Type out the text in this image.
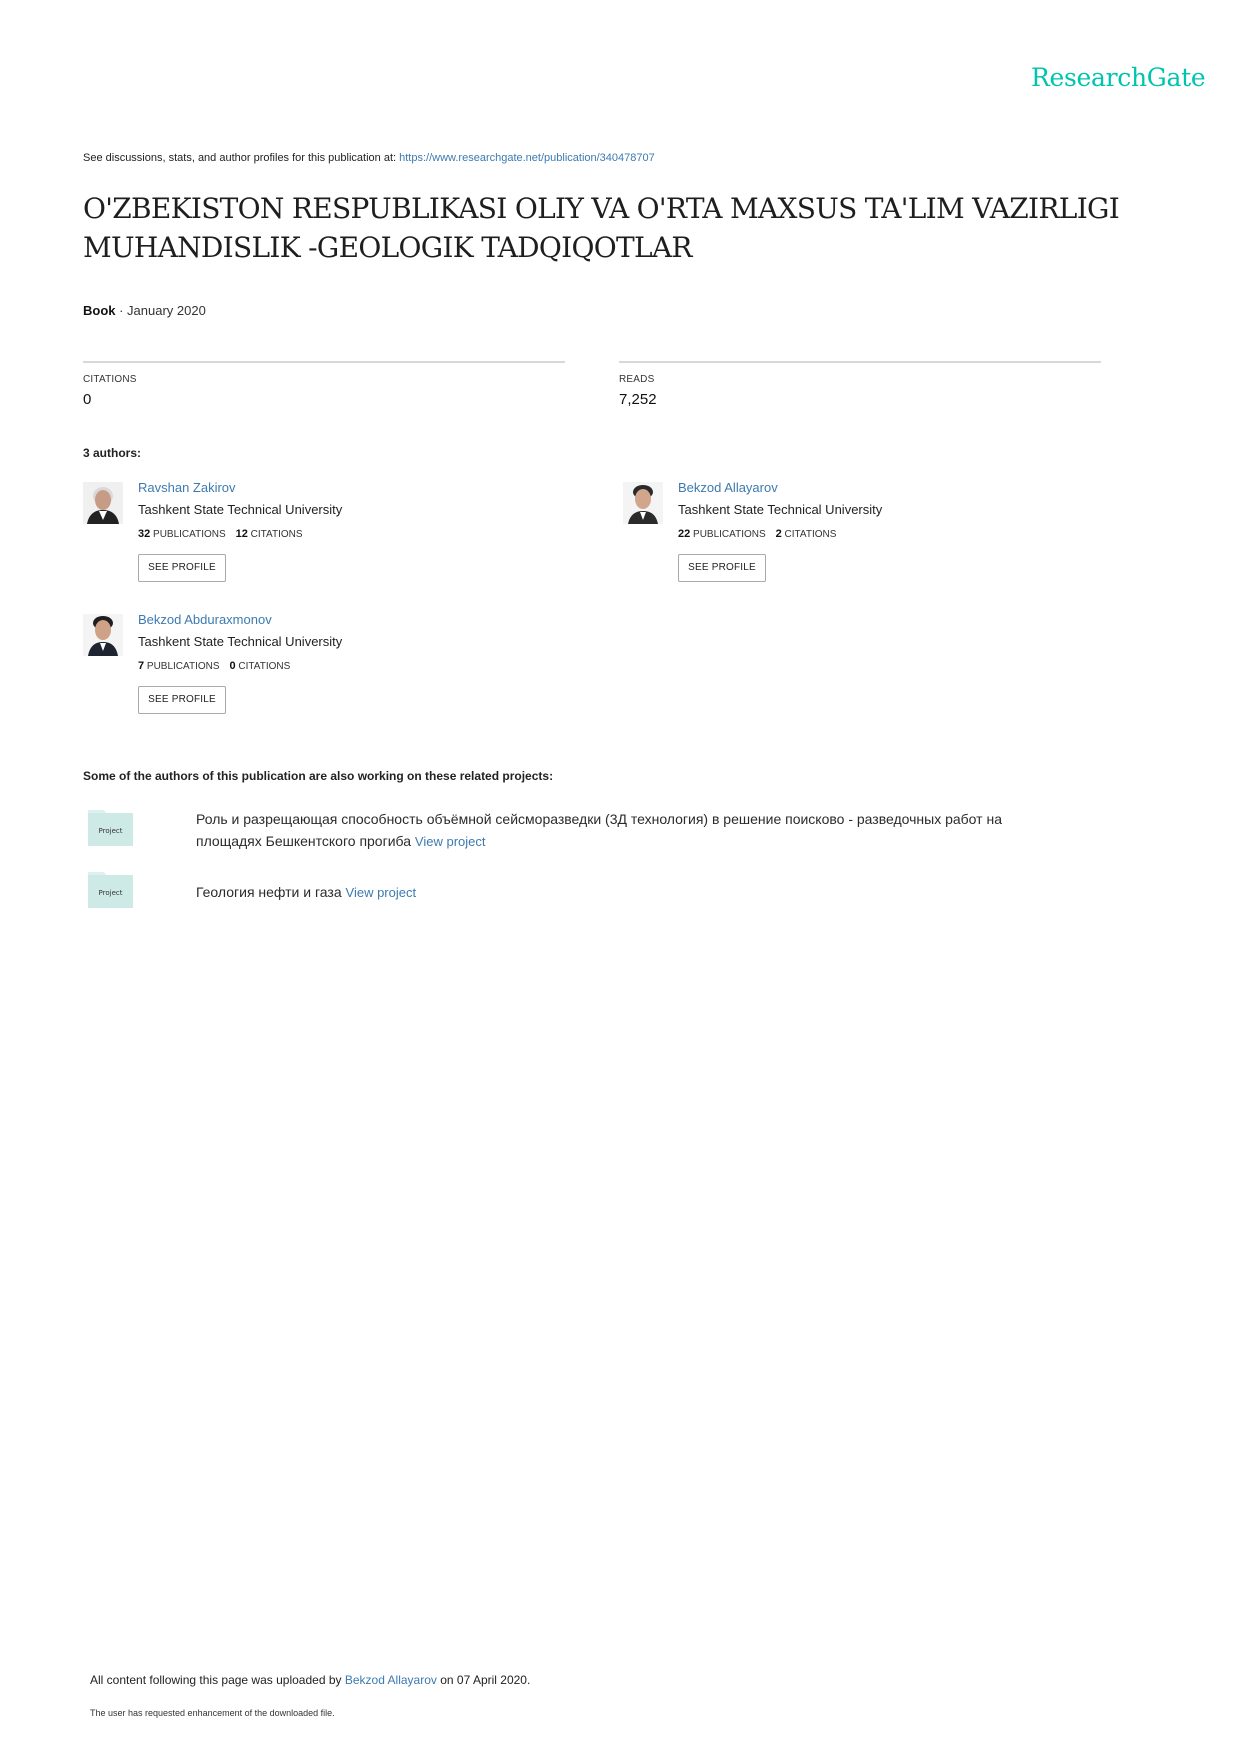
ResearchGate
See discussions, stats, and author profiles for this publication at: https://www.researchgate.net/publication/340478707
O'ZBEKISTON RESPUBLIKASI OLIY VA O'RTA MAXSUS TA'LIM VAZIRLIGI
MUHANDISLIK -GEOLOGIK TADQIQOTLAR
Book · January 2020
CITATIONS
0
READS
7,252
3 authors:
Ravshan Zakirov
Tashkent State Technical University
32 PUBLICATIONS 12 CITATIONS
SEE PROFILE
Bekzod Allayarov
Tashkent State Technical University
22 PUBLICATIONS 2 CITATIONS
SEE PROFILE
Bekzod Abduraxmonov
Tashkent State Technical University
7 PUBLICATIONS 0 CITATIONS
SEE PROFILE
Some of the authors of this publication are also working on these related projects:
Project
Роль и разрещающая способность объёмной сейсморазведки (3Д технология) в решение поисково - разведочных работ на
площадях Бешкентского прогиба View project
Project	Геология нефти и газа View project
All content following this page was uploaded by Bekzod Allayarov on 07 April 2020.
The user has requested enhancement of the downloaded file.
